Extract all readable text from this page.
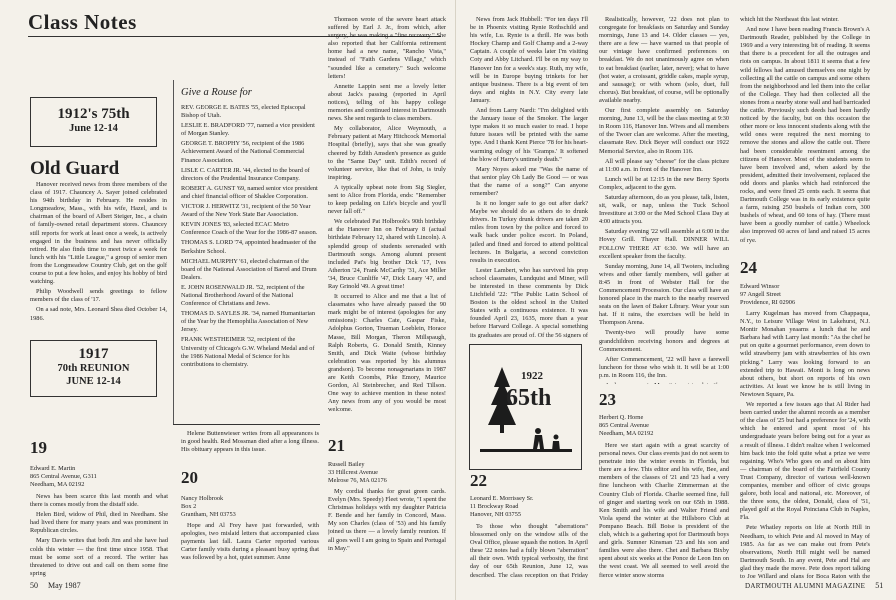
Class Notes
1912's 75th
June 12-14
Old Guard

Hanover received news from three members of the class of 1917. Chauncey A. Sayer joined celebrated his 94th birthday in February. He resides in Longmeadow, Mass., with his wife, Hazel, and is chairman of the board of Albert Steiger, Inc., a chain of family-owned retail department stores. Chauncey still reports for work at least once a week, is actively engaged in the business and has never officially retired. He also finds time to meet twice a week for lunch with his "Little League," a group of senior men from the Longmeadow Country Club, get on the golf course to put a few holes, and enjoy his hobby of bird watching.

Philip Woodwell sends greetings to fellow members of the class of '17.

On a sad note, Mrs. Leonard Shea died October 14, 1986.

1917
70th REUNION
JUNE 12-14
Give a Rouse for

REV. GEORGE E. BATES '55, elected Episcopal Bishop of Utah.

LESLIE E. BRADFORD '77, named a vice president of Morgan Stanley.

GEORGE T. BROPHY '56, recipient of the 1986 Achievement Award of the National Commercial Finance Association.

LISLE C. CARTER JR. '44, elected to the board of directors of the Prudential Insurance Company.

ROBERT A. GUNST '69, named senior vice president and chief financial officer of Shaklee Corporation.

VICTOR J. HERWITZ '31, recipient of the 50 Year Award of the New York State Bar Association.

KEVIN JONES '83, selected ECAC Metro Conference Coach of the Year for the 1986-87 season.

THOMAS S. LORD '74, appointed headmaster of the Berkshire School.

MICHAEL MURPHY '61, elected chairman of the board of the National Association of Barrel and Drum Dealers.

E. JOHN ROSENWALD JR. '52, recipient of the National Brotherhood Award of the National Conference of Christians and Jews.

THOMAS D. SAYLES JR. '34, named Humanitarian of the Year by the Hemophilia Association of New Jersey.

FRANK WESTHEIMER '32, recipient of the University of Chicago's G.W. Wheland Medal and of the 1986 National Medal of Science for his contributions to chemistry.

19
Edward E. Martin
865 Central Avenue, G311
Needham, MA 02192

News has been scarce this last month and what there is comes mostly from the distaff side.

Helen Bird, widow of Phil, died in Needham. She had lived there for many years and was prominent in Republican circles.

Mary Davis writes that both Jim and she have had colds this winter — the first time since 1958. That must be some sort of a record. The writer has threatened to drive out and call on them some fine spring

Helene Buttenwieser writes from all appearances is in good health. Red Mossman died after a long illness. His obituary appears in this issue.

20
Nancy Holbrook
Box 2
Grantham, NH 03753

Hope and Al Frey have just forwarded, with apologies, two mislaid letters that accompanied class payments last fall. Laura Carter reported various Carter family visits during a pleasant busy spring that was followed by a hot, quiet summer. Anne

Thomson wrote of the severe heart attack suffered by Earl J. Jr., from which, after surgery, he was making a "fine recovery." She also reported that her California retirement home had a new name, "Rancho Vista," instead of "Faith Gardens Village," which "sounded like a cemetery." Such welcome letters!

Annette Lappin sent me a lovely letter about Jack's passing (reported in April notices), telling of his happy college memories and continued interest in Dartmouth news. She sent regards to class members.

My collaborator, Alice Weymouth, a February patient at Mary Hitchcock Memorial Hospital (briefly), says that she was greatly cheered by Edith Amsden's presence as guide to the "Same Day" unit. Edith's record of volunteer service, like that of John, is truly inspiring.

A typically upbeat note from Sig Siegler, sent to Alice from Florida, ends: "Remember to keep pedaling on Life's bicycle and you'll never fall off."

We celebrated Pat Holbrook's 90th birthday at the Hanover Inn on February 8 (actual birthdate February 12, shared with Lincoln). A splendid group of students serenaded with Dartmouth songs. Among alumni present included Pat's big brother Dick '17, Ives Atherton '24, Frank McCarthy '31, Ace Miller '34, Bruce Cunliffe '47, Dick Leary '47, and Ray Grinold '49. A great time!

It occurred to Alice and me that a list of classmates who have already passed the 90 mark might be of interest (apologies for any omissions): Charles Cate, Gaspar Fiske, Adolphus Gorton, Trueman Loeblein, Horace Masse, Bill Morgan, Theron Millspaugh, Ralph Roberts, G. Donald Smith, Kinney Smith, and Dick Waite (whose birthday celebration was reported by his alumnus grandson). To become nonagenarians in 1987 are Keith Coombs, Pike Emory, Maurice Gordon, Al Steinbrecher, and Red Tillson. One way to achieve mention in these notes! Any news from any of you would be most welcome.

21
Russell Bailey
33 Hillcrest Avenue
Melrose 76, MA 02176

My cordial thanks for great green cards. Evelyn (Mrs. Speedy) Fleet wrote, "I spent the Christmas holidays with my daughter Patricia F. Bende and her family in Concord, Mass. My son Charles (class of '53) and his family joined us there — a lovely family reunion. If all goes well I am going to Spain and Portugal in May."

50 May 1987

News from Jack Hubbell: "For ten days I'll be in Phoenix visiting Rynie Rothschild and his wife, Lu. Rynie is a thrill. He was both Hockey Champ and Golf Champ and a 2-way Captain. A couple of weeks later I'm visiting Coty and Abby Litchard. I'll be on my way to Hanover Inn for a week's stay. Ruth, my wife, will be in Europe buying trinkets for her antique business. There is a big event of ten days and nights in N.Y. City every late January.

And from Larry Nardi: "I'm delighted with the January issue of the Smoker. The larger type makes it so much easier to read. I hope future issues will be printed with the same type. And I thank Kent Pierce '78 for his heart-warming eulogy of his 'Gramps.' It softened the blow of Harry's untimely death."

Mary Noyes asked me "Was the name of that senior play Oh Lady Be Good — or was that the name of a song?" Can anyone remember?

Is it no longer safe to go out after dark? Maybe we should do as others do to drunk drivers. In Turkey drunk drivers are taken 20 miles from town by the police and forced to walk back under police escort. In Poland, jailed and fined and forced to attend political lectures. In Bulgaria, a second conviction results in execution.

Lester Lambert, who has survived his prep school classmates, Lundquist and Miner, will be interested in these comments by Dick Litchfield '22: "The Public Latin School of Boston is the oldest school in the United States with a continuous existence. It was founded April 23, 1635, more than a year before Harvard College. A special something its graduates are proud of. Of the 56 signers of

1922
65th
22
Leonard E. Morrissey Sr.
11 Brockway Road
Hanover, NH 03755

To those who thought "aberrations" blossomed only on the window sills of the Oval Office, please squash the notion. In April these '22 notes had a fully blown "aberration" all their own. With typical verbosity, the first day of our 65th Reunion, June 12, was described. The class reception on that Friday

Realistically, however, '22 does not plan to congregate for breakfasts on Saturday and Sunday mornings, June 13 and 14. Older classes — yes, there are a few — have warned us that people of our vintage have confirmed preferences on breakfast. We do not unanimously agree on when to eat breakfast (earlier, later, never); what to have (hot water, a croissant, griddle cakes, maple syrup, and sausage); or with whom (solo, duet, full chorus). But breakfast, of course, will be optionally available nearby.

Our first complete assembly on Saturday morning, June 13, will be the class meeting at 9:30 in Room 116, Hanover Inn. Wives and all members of the Twoer clan are welcome. After the meeting, classmate Rev. Dick Beyer will conduct our 1922 Memorial Service, also in Room 116.

All will please say "cheese" for the class picture at 11:00 a.m. in front of the Hanover Inn.

Lunch will be at 12:15 in the new Berry Sports Complex, adjacent to the gym.

Saturday afternoon, do as you please, talk, listen, sit, walk, or nap, unless the Tuck School Investiture at 3:00 or the Med School Class Day at 4:00 attracts you.

Saturday evening '22 will assemble at 6:00 in the Hovey Grill. Thayer Hall. DINNER WILL FOLLOW THERE AT 6:30. We will have an excellent speaker from the faculty.

Sunday morning, June 14, all Twoters, including wives and other family members, will gather at 8:45 in front of Webster Hall for the Commencement Procession. Our class will have an honored place in the march to the nearby reserved seats on the lawn of Baker Library. Wear your sun hat. If it rains, the exercises will be held in Thompson Arena.

Twenty-two will proudly have some grandchildren receiving honors and degrees at Commencement.

After Commencement, '22 will have a farewell luncheon for those who wish it. It will be at 1:00 p.m. in Room 116, the Inn.

23
Herbert Q. Horne
865 Central Avenue
Needham, MA 02192

Here we start again with a great scarcity of personal news. Our class events just do not seem to penetrate into the winter events in Florida, but there are a few. This editor and his wife, Bee, and members of the classes of '21 and '23 had a very fine luncheon with Charlie Zimmerman at the Country Club of Florida. Charlie seemed fine, full of ginger and starting work on our 65th in 1988. Ken Smith and his wife and Walter Friend and Viola spend the winter at the Hillsboro Club at Pompano Beach. Bill Boise is president of the club, which is a gathering spot for Dartmouth boys and girls. Sumner Kinsman '23 and his son and families were also there. Chet and Barbara Bixby spent about six weeks at the Ponce de Leon Inn on the west coast. We all seemed to well avoid the fierce winter snow storms

which hit the Northeast this last winter.

And now I have been reading Francis Brown's A Dartmouth Reader, published by the College in 1969 and a very interesting bit of reading. It seems that there is a precedent for all the outrages and riots on campus. In about 1811 it seems that a few wild fellows had amused themselves one night by collecting all the cattle on campus and some others from the neighborhood and led them into the cellar of the College. They had then collected all the stones from a nearby stone wall and had barricaded the cattle. Previously such deeds had been hardly noticed by the faculty, but on this occasion the other more or less innocent students along with the wild ones were required the next morning to remove the stones and allow the cattle out. There had been considerable resentment among the citizens of Hanover. Most of the students seem to have been involved and, when asked by the president, admitted their involvement, replaced the odd doors and planks which had reinforced the rocks, and were fined 25 cents each. It seems that Dartmouth College was in its early existence quite a farm, raising 250 bushels of Indian corn, 300 bushels of wheat, and 60 tons of hay. (There must have been a goodly number of cattle.) Wheelock also improved 60 acres of land and raised 15 acres of rye.

24
Edward Winsor
97 Angell Street
Providence, RI 02906

Larry Kugelman has moved from Chappaqua, N.Y., to Leisure Village West in Lakehurst, N.J. Montir Monahan yeaarns a lunch that he and Barbara had with Larry last month: "As the chef he put on quite a gourmet performance, even down to wild strawberry jam with strawberries of his own picking." Larry was looking forward to an extended trip to Hawaii. Monti is long on news about others, but short on reports of his own activities. At least we know he is still living in Newtown Square, Pa.

We reported a few issues ago that Al Rider had been carried under the alumni records as a member of the class of '25 but had a preference for '24, with which he entered and spent most of his undergraduate years before being out for a year as a result of illness. I didn't realize when I welcomed him back into the fold quite what a prize we were regaining. Who's Who goes on and on about him — chairman of the board of the Fairfield County Trust Company, director of various well-known companies, member and officer of civic groups galore, both local and national, etc. Moreover, of the three sons, the oldest, Donald, class of '51, played golf at the Royal Poinciana Club in Naples, Fla.

Pete Whatley reports on life at North Hill in Needham, to which Pete and Al moved in May of 1985. As far as we can make out from Pete's observations, North Hill might well be named Dartmouth South. In any event, Pete and Hal are glad they made the move. Pete does report talking to Joe Willard and plans for Boca Raton with the

DARTMOUTH ALUMNI MAGAZINE 51
